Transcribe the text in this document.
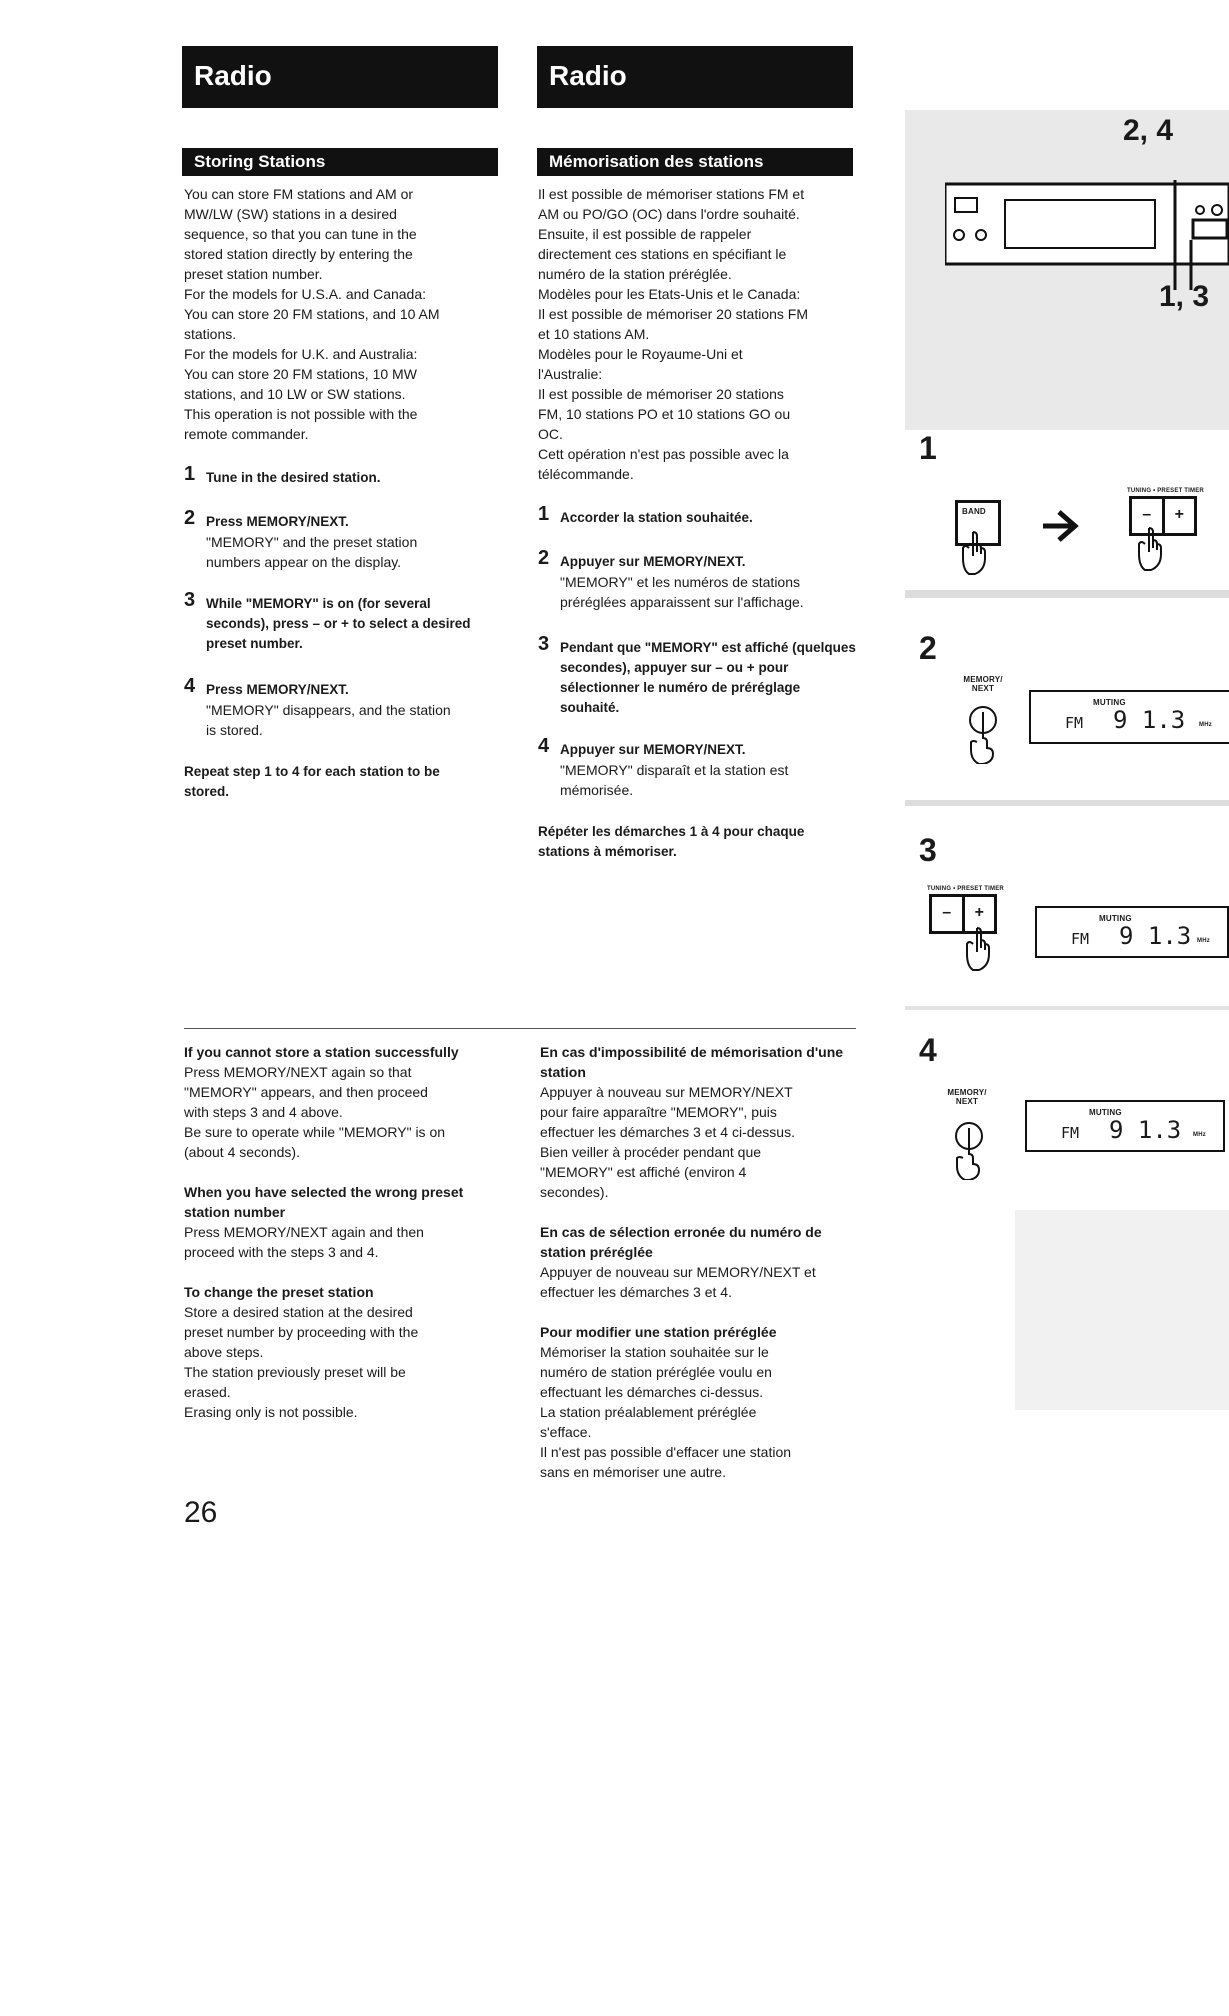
Radio
Storing Stations
You can store FM stations and AM or
MW/LW (SW) stations in a desired
sequence, so that you can tune in the
stored station directly by entering the
preset station number.
For the models for U.S.A. and Canada:
You can store 20 FM stations, and 10 AM
stations.
For the models for U.K. and Australia:
You can store 20 FM stations, 10 MW
stations, and 10 LW or SW stations.
This operation is not possible with the
remote commander.
1 Tune in the desired station.
2 Press MEMORY/NEXT.
"MEMORY" and the preset station
numbers appear on the display.
3 While "MEMORY" is on (for several seconds), press – or + to select a desired preset number.
4 Press MEMORY/NEXT.
"MEMORY" disappears, and the station
is stored.
Repeat step 1 to 4 for each station to be stored.
If you cannot store a station successfully
Press MEMORY/NEXT again so that
"MEMORY" appears, and then proceed
with steps 3 and 4 above.
Be sure to operate while "MEMORY" is on
(about 4 seconds).
When you have selected the wrong preset station number
Press MEMORY/NEXT again and then
proceed with the steps 3 and 4.
To change the preset station
Store a desired station at the desired
preset number by proceeding with the
above steps.
The station previously preset will be
erased.
Erasing only is not possible.
26
Radio
Mémorisation des stations
Il est possible de mémoriser stations FM et
AM ou PO/GO (OC) dans l'ordre souhaité.
Ensuite, il est possible de rappeler
directement ces stations en spécifiant le
numéro de la station préréglée.
Modèles pour les Etats-Unis et le Canada:
Il est possible de mémoriser 20 stations FM
et 10 stations AM.
Modèles pour le Royaume-Uni et
l'Australie:
Il est possible de mémoriser 20 stations
FM, 10 stations PO et 10 stations GO ou
OC.
Cett opération n'est pas possible avec la
télécommande.
1 Accorder la station souhaitée.
2 Appuyer sur MEMORY/NEXT.
"MEMORY" et les numéros de stations
préréglées apparaissent sur l'affichage.
3 Pendant que "MEMORY" est affiché (quelques secondes), appuyer sur – ou + pour sélectionner le numéro de préréglage souhaité.
4 Appuyer sur MEMORY/NEXT.
"MEMORY" disparaît et la station est
mémorisée.
Répéter les démarches 1 à 4 pour chaque stations à mémoriser.
En cas d'impossibilité de mémorisation d'une station
Appuyer à nouveau sur MEMORY/NEXT
pour faire apparaître "MEMORY", puis
effectuer les démarches 3 et 4 ci-dessus.
Bien veiller à procéder pendant que
"MEMORY" est affiché (environ 4
secondes).
En cas de sélection erronée du numéro de station préréglée
Appuyer de nouveau sur MEMORY/NEXT et
effectuer les démarches 3 et 4.
Pour modifier une station préréglée
Mémoriser la station souhaitée sur le
numéro de station préréglée voulu en
effectuant les démarches ci-dessus.
La station préalablement préréglée
s'efface.
Il n'est pas possible d'effacer une station
sans en mémoriser une autre.
2, 4
1, 3
1
BAND
TUNING • PRESET TIMER
–	+
2
MEMORY/ NEXT
MUTING
FM 9 1.3 MHz
3
TUNING • PRESET TIMER
–	+	MUTING
FM 9 1.3 MHz
4
MEMORY/ NEXT
MUTING
FM 9 1.3 MHz
